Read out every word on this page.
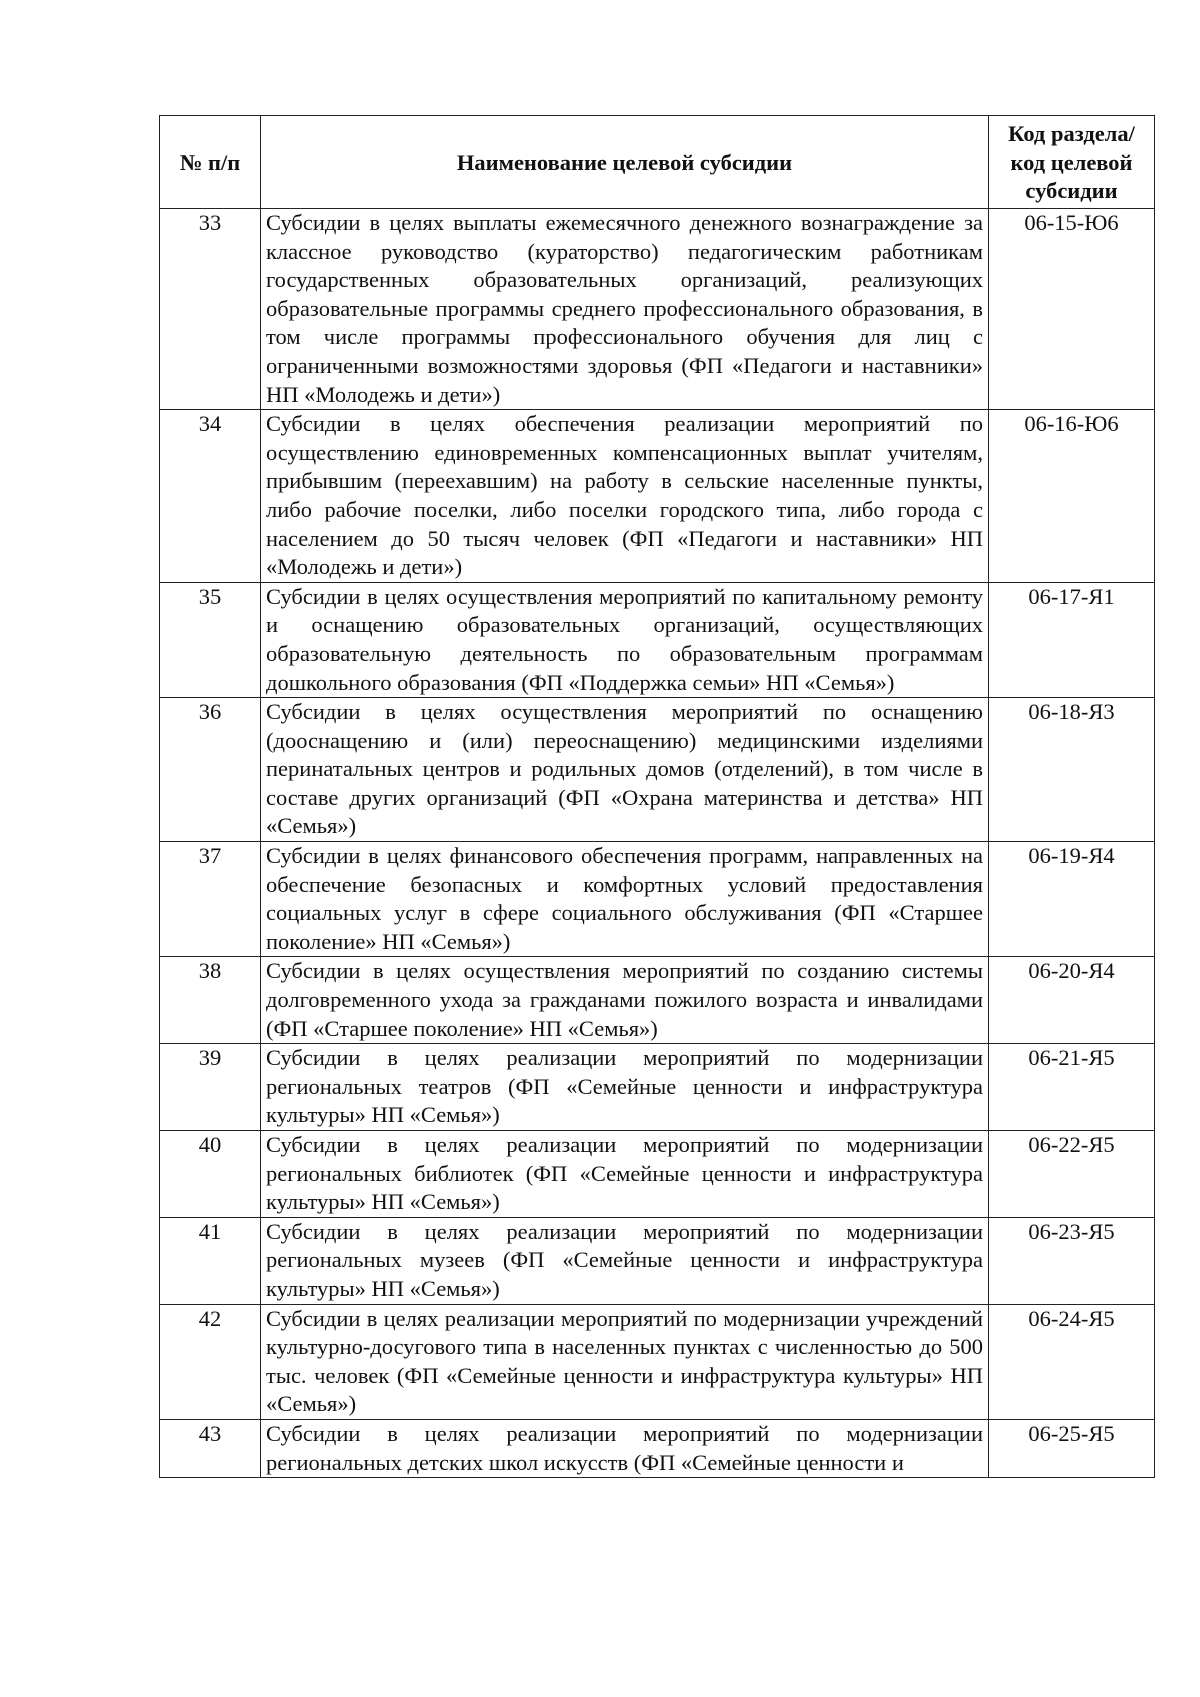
№ п/п	Наименование целевой субсидии	Код раздела/ код целевой субсидии
33	Субсидии в целях выплаты ежемесячного денежного вознаграждение за классное руководство (кураторство) педагогическим работникам государственных образовательных организаций, реализующих образовательные программы среднего профессионального образования, в том числе программы профессионального обучения для лиц с ограниченными возможностями здоровья (ФП «Педагоги и наставники» НП «Молодежь и дети»)	06-15-Ю6
34	Субсидии в целях обеспечения реализации мероприятий по осуществлению единовременных компенсационных выплат учителям, прибывшим (переехавшим) на работу в сельские населенные пункты, либо рабочие поселки, либо поселки городского типа, либо города с населением до 50 тысяч человек (ФП «Педагоги и наставники» НП «Молодежь и дети»)	06-16-Ю6
35	Субсидии в целях осуществления мероприятий по капитальному ремонту и оснащению образовательных организаций, осуществляющих образовательную деятельность по образовательным программам дошкольного образования (ФП «Поддержка семьи» НП «Семья»)	06-17-Я1
36	Субсидии в целях осуществления мероприятий по оснащению (дооснащению и (или) переоснащению) медицинскими изделиями перинатальных центров и родильных домов (отделений), в том числе в составе других организаций (ФП «Охрана материнства и детства» НП «Семья»)	06-18-Я3
37	Субсидии в целях финансового обеспечения программ, направленных на обеспечение безопасных и комфортных условий предоставления социальных услуг в сфере социального обслуживания (ФП «Старшее поколение» НП «Семья»)	06-19-Я4
38	Субсидии в целях осуществления мероприятий по созданию системы долговременного ухода за гражданами пожилого возраста и инвалидами (ФП «Старшее поколение» НП «Семья»)	06-20-Я4
39	Субсидии в целях реализации мероприятий по модернизации региональных театров (ФП «Семейные ценности и инфраструктура культуры» НП «Семья»)	06-21-Я5
40	Субсидии в целях реализации мероприятий по модернизации региональных библиотек (ФП «Семейные ценности и инфраструктура культуры» НП «Семья»)	06-22-Я5
41	Субсидии в целях реализации мероприятий по модернизации региональных музеев (ФП «Семейные ценности и инфраструктура культуры» НП «Семья»)	06-23-Я5
42	Субсидии в целях реализации мероприятий по модернизации учреждений культурно-досугового типа в населенных пунктах с численностью до 500 тыс. человек (ФП «Семейные ценности и инфраструктура культуры» НП «Семья»)	06-24-Я5
43	Субсидии в целях реализации мероприятий по модернизации региональных детских школ искусств (ФП «Семейные ценности и	06-25-Я5
